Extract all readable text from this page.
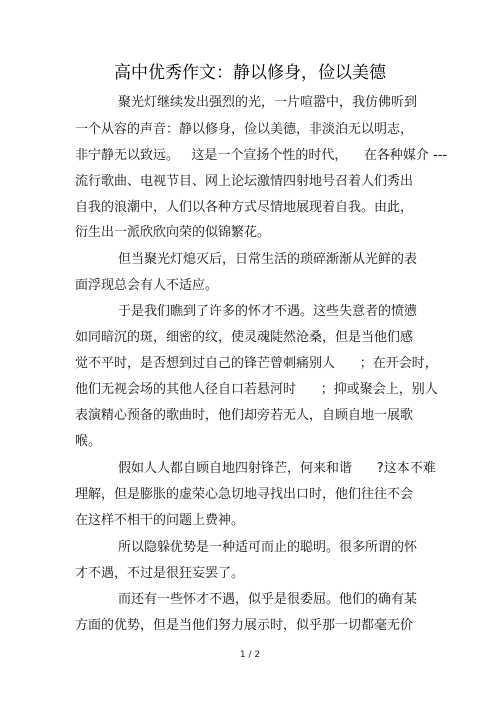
高中优秀作文：静以修身，俭以美德
聚光灯继续发出强烈的光，一片喧嚣中，我仿佛听到
一个从容的声音：静以修身，俭以美德，非淡泊无以明志，
非宁静无以致远。   这是一个宣扬个性的时代，    在各种媒介 ---
流行歌曲、电视节目、网上论坛激情四射地号召着人们秀出
自我的浪潮中，人们以各种方式尽情地展现着自我。由此，
衍生出一派欣欣向荣的似锦繁花。
但当聚光灯熄灭后，日常生活的琐碎渐渐从光鲜的表
面浮现总会有人不适应。
于是我们瞧到了许多的怀才不遇。这些失意者的愤懑
如同暗沉的斑，细密的纹，使灵魂陡然沧桑，但是当他们感
觉不平时，是否想到过自己的锋芒曾刺痛别人      ；在开会时，
他们无视会场的其他人径自口若悬河时      ；抑或聚会上，别人
表演精心预备的歌曲时，他们却旁若无人，自顾自地一展歌
喉。
假如人人都自顾自地四射锋芒，何来和谐      ?这本不难
理解，但是膨胀的虚荣心急切地寻找出口时，他们往往不会
在这样不相干的问题上费神。
所以隐躲优势是一种适可而止的聪明。很多所谓的怀
才不遇，不过是很狂妄罢了。
而还有一些怀才不遇，似乎是很委屈。他们的确有某
方面的优势，但是当他们努力展示时，似乎那一切都毫无价
1 / 2
